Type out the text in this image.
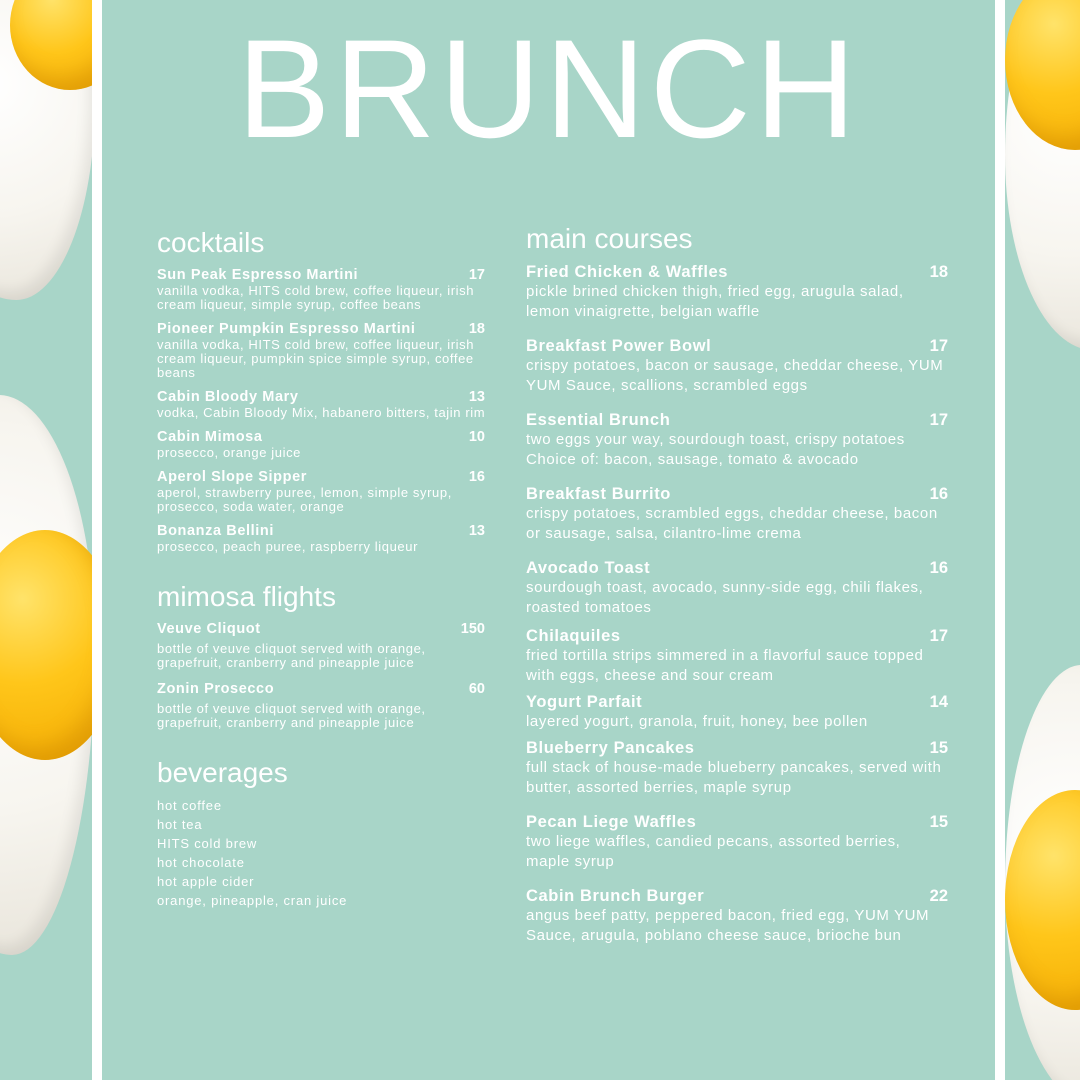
BRUNCH
cocktails
Sun Peak Espresso Martini	17
vanilla vodka, HITS cold brew, coffee liqueur, irish cream liqueur, simple syrup, coffee beans
Pioneer Pumpkin Espresso Martini	18
vanilla vodka, HITS cold brew, coffee liqueur, irish cream liqueur, pumpkin spice simple syrup, coffee beans
Cabin Bloody Mary	13
vodka, Cabin Bloody Mix, habanero bitters, tajin rim
Cabin Mimosa	10
prosecco, orange juice
Aperol Slope Sipper	16
aperol, strawberry puree, lemon, simple syrup, prosecco, soda water, orange
Bonanza Bellini	13
prosecco, peach puree, raspberry liqueur
mimosa flights
Veuve Cliquot	150
bottle of veuve cliquot served with orange, grapefruit, cranberry and pineapple juice
Zonin Prosecco	60
bottle of veuve cliquot served with orange, grapefruit, cranberry and pineapple juice
beverages
hot coffee
hot tea
HITS cold brew
hot chocolate
hot apple cider
orange, pineapple, cran juice
main courses
Fried Chicken & Waffles	18
pickle brined chicken thigh, fried egg, arugula salad, lemon vinaigrette, belgian waffle
Breakfast Power Bowl	17
crispy potatoes, bacon or sausage, cheddar cheese, YUM YUM Sauce, scallions, scrambled eggs
Essential Brunch	17
two eggs your way, sourdough toast, crispy potatoes Choice of: bacon, sausage, tomato & avocado
Breakfast Burrito	16
crispy potatoes, scrambled eggs, cheddar cheese, bacon or sausage, salsa, cilantro-lime crema
Avocado Toast	16
sourdough toast, avocado, sunny-side egg, chili flakes, roasted tomatoes
Chilaquiles	17
fried tortilla strips simmered in a flavorful sauce topped with eggs, cheese and sour cream
Yogurt Parfait	14
layered yogurt, granola, fruit, honey, bee pollen
Blueberry Pancakes	15
full stack of house-made blueberry pancakes, served with butter, assorted berries, maple syrup
Pecan Liege Waffles	15
two liege waffles, candied pecans, assorted berries, maple syrup
Cabin Brunch Burger	22
angus beef patty, peppered bacon, fried egg, YUM YUM Sauce, arugula, poblano cheese sauce, brioche bun
